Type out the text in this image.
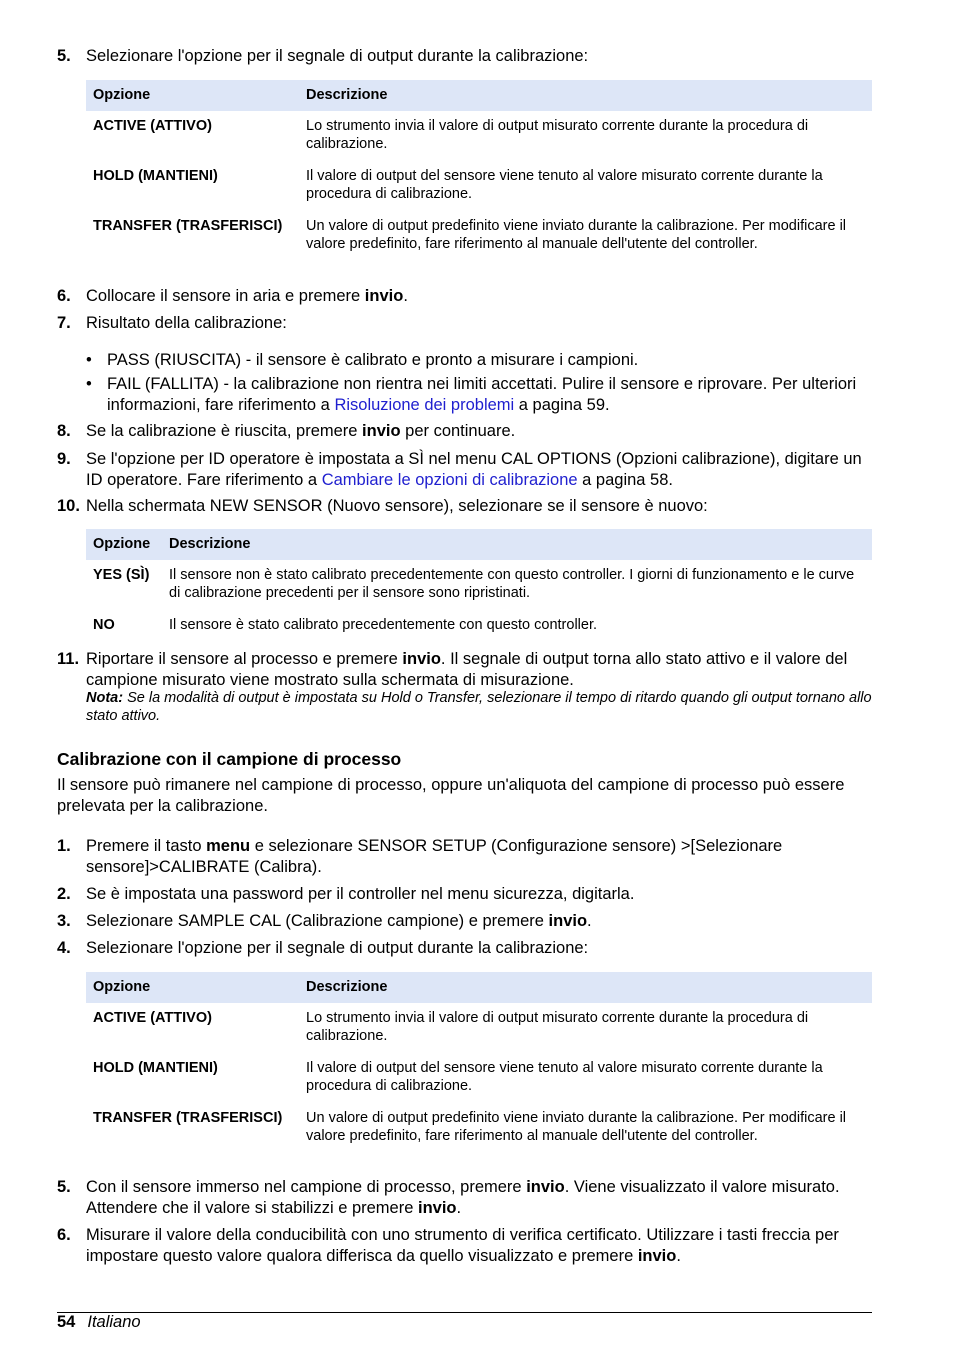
5. Selezionare l'opzione per il segnale di output durante la calibrazione:
Opzione	Descrizione
ACTIVE (ATTIVO)	Lo strumento invia il valore di output misurato corrente durante la procedura di calibrazione.
HOLD (MANTIENI)	Il valore di output del sensore viene tenuto al valore misurato corrente durante la procedura di calibrazione.
TRANSFER (TRASFERISCI)	Un valore di output predefinito viene inviato durante la calibrazione. Per modificare il valore predefinito, fare riferimento al manuale dell'utente del controller.
6. Collocare il sensore in aria e premere invio.
7. Risultato della calibrazione:
• PASS (RIUSCITA) - il sensore è calibrato e pronto a misurare i campioni.
• FAIL (FALLITA) - la calibrazione non rientra nei limiti accettati. Pulire il sensore e riprovare. Per ulteriori informazioni, fare riferimento a Risoluzione dei problemi a pagina 59.
8. Se la calibrazione è riuscita, premere invio per continuare.
9. Se l'opzione per ID operatore è impostata a SÌ nel menu CAL OPTIONS (Opzioni calibrazione), digitare un ID operatore. Fare riferimento a Cambiare le opzioni di calibrazione a pagina 58.
10. Nella schermata NEW SENSOR (Nuovo sensore), selezionare se il sensore è nuovo:
Opzione	Descrizione
YES (SÌ)	Il sensore non è stato calibrato precedentemente con questo controller. I giorni di funzionamento e le curve di calibrazione precedenti per il sensore sono ripristinati.
NO	Il sensore è stato calibrato precedentemente con questo controller.
11. Riportare il sensore al processo e premere invio. Il segnale di output torna allo stato attivo e il valore del campione misurato viene mostrato sulla schermata di misurazione.
Nota: Se la modalità di output è impostata su Hold o Transfer, selezionare il tempo di ritardo quando gli output tornano allo stato attivo.
Calibrazione con il campione di processo
Il sensore può rimanere nel campione di processo, oppure un'aliquota del campione di processo può essere prelevata per la calibrazione.
1. Premere il tasto menu e selezionare SENSOR SETUP (Configurazione sensore) >[Selezionare sensore]>CALIBRATE (Calibra).
2. Se è impostata una password per il controller nel menu sicurezza, digitarla.
3. Selezionare SAMPLE CAL (Calibrazione campione) e premere invio.
4. Selezionare l'opzione per il segnale di output durante la calibrazione:
Opzione	Descrizione
ACTIVE (ATTIVO)	Lo strumento invia il valore di output misurato corrente durante la procedura di calibrazione.
HOLD (MANTIENI)	Il valore di output del sensore viene tenuto al valore misurato corrente durante la procedura di calibrazione.
TRANSFER (TRASFERISCI)	Un valore di output predefinito viene inviato durante la calibrazione. Per modificare il valore predefinito, fare riferimento al manuale dell'utente del controller.
5. Con il sensore immerso nel campione di processo, premere invio. Viene visualizzato il valore misurato. Attendere che il valore si stabilizzi e premere invio.
6. Misurare il valore della conducibilità con uno strumento di verifica certificato. Utilizzare i tasti freccia per impostare questo valore qualora differisca da quello visualizzato e premere invio.
54 Italiano
